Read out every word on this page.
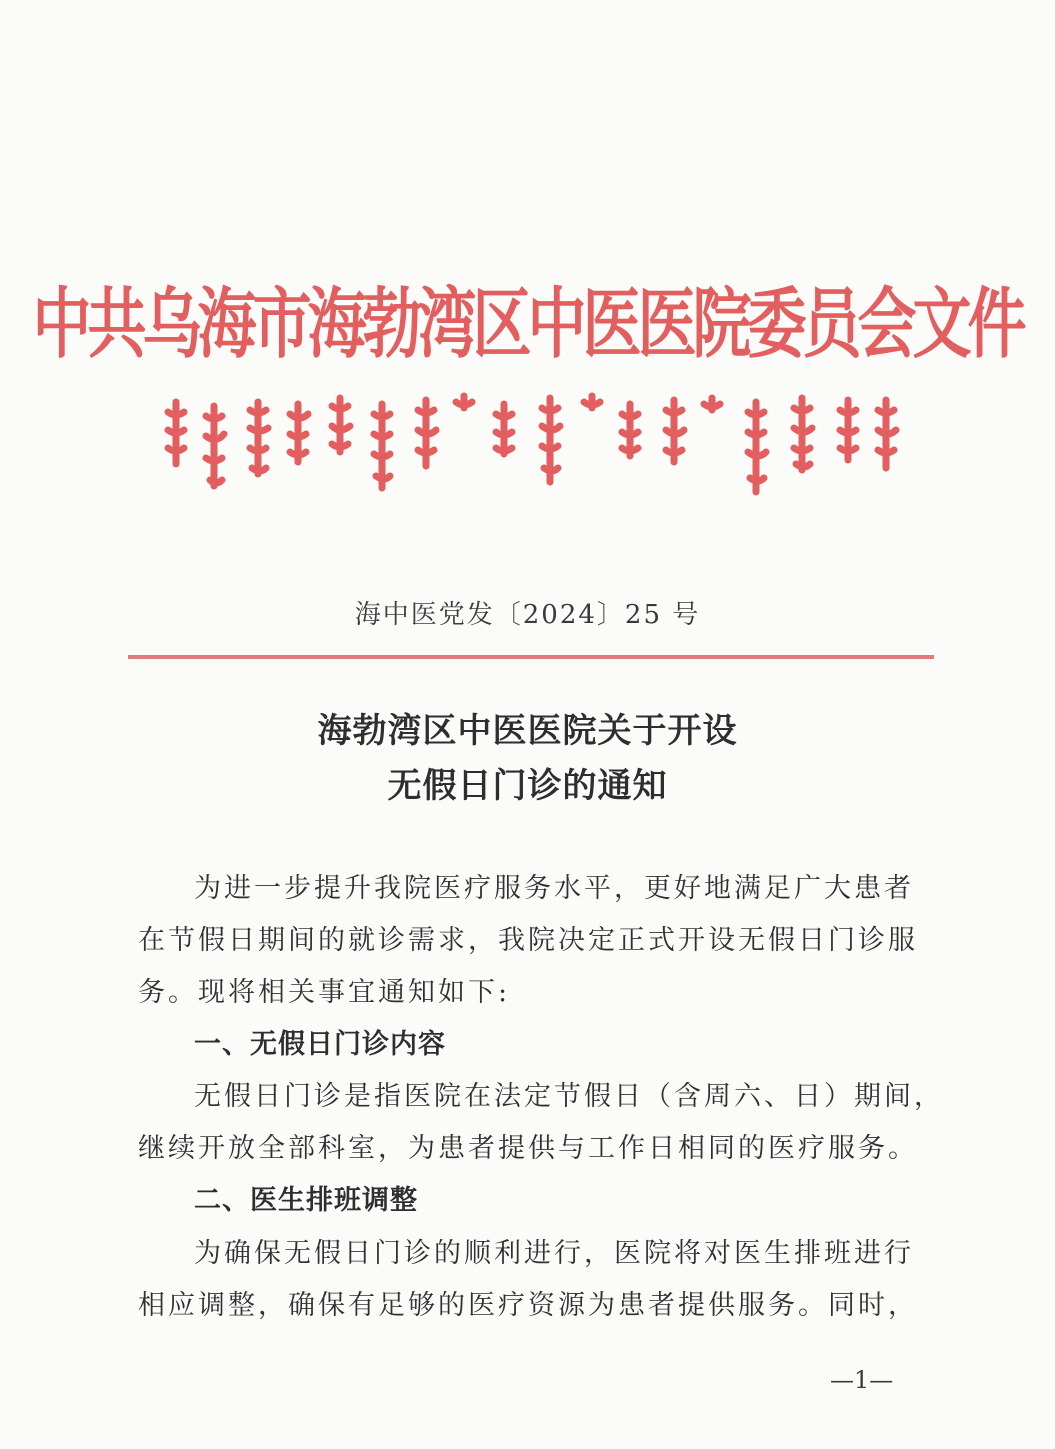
中共乌海市海勃湾区中医医院委员会文件
海中医党发〔2024〕25 号
海勃湾区中医医院关于开设
无假日门诊的通知
为进一步提升我院医疗服务水平，更好地满足广大患者
在节假日期间的就诊需求，我院决定正式开设无假日门诊服
务。现将相关事宜通知如下:
一、无假日门诊内容
无假日门诊是指医院在法定节假日（含周六、日）期间，
继续开放全部科室，为患者提供与工作日相同的医疗服务。
二、医生排班调整
为确保无假日门诊的顺利进行，医院将对医生排班进行
相应调整，确保有足够的医疗资源为患者提供服务。同时，
—1—
